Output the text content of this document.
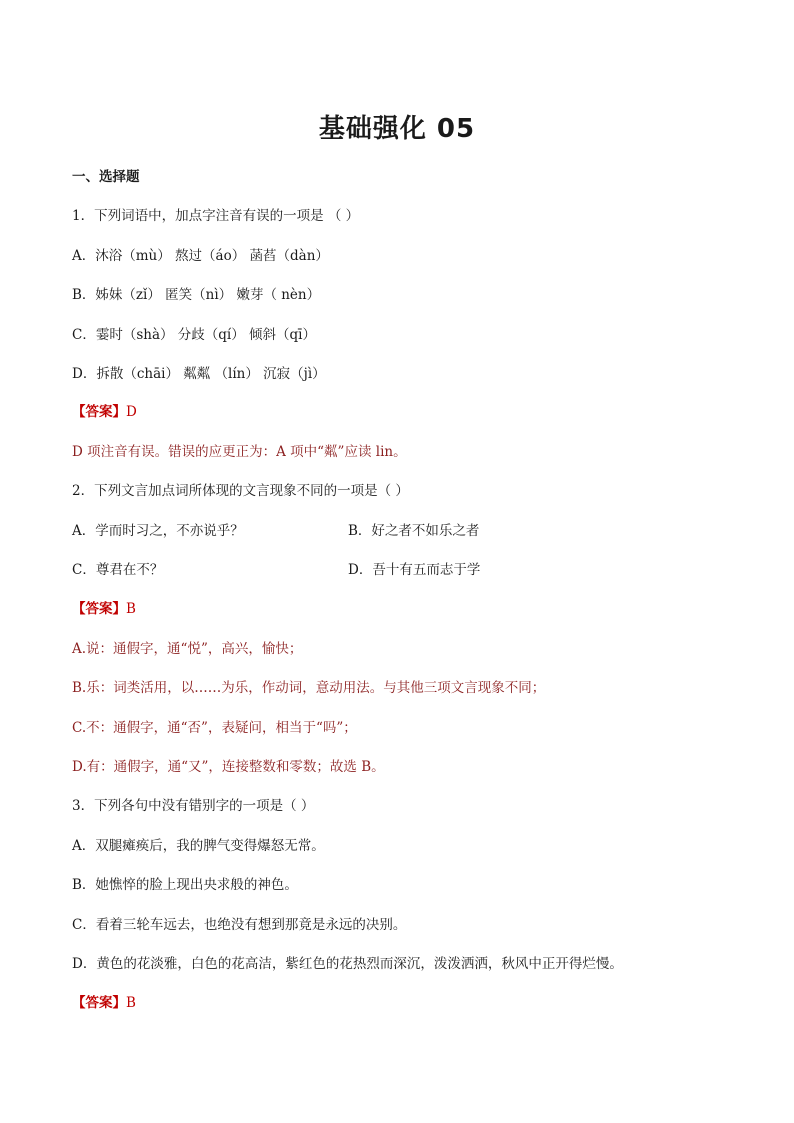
基础强化 05
一、选择题
1．下列词语中，加点字注音有误的一项是 （ ）
A．沐浴（mù） 熬过（áo） 菡萏（dàn）
B．姊妹（zǐ） 匿笑（nì） 嫩芽（ nèn）
C．霎时（shà） 分歧（qí） 倾斜（qī）
D．拆散（chāi） 粼粼 （lín） 沉寂（jì）
【答案】D
D 项注音有误。错误的应更正为：A 项中“粼”应读 lin。
2．下列文言加点词所体现的文言现象不同的一项是（ ）
A．学而时习之，不亦说乎？	B．好之者不如乐之者
C．尊君在不？	D．吾十有五而志于学
【答案】B
A.说：通假字，通“悦”，高兴，愉快；
B.乐：词类活用，以……为乐，作动词，意动用法。与其他三项文言现象不同；
C.不：通假字，通“否”，表疑问，相当于“吗”；
D.有：通假字，通“又”，连接整数和零数；故选 B。
3．下列各句中没有错别字的一项是（ ）
A．双腿瘫痪后，我的脾气变得爆怒无常。
B．她憔悴的脸上现出央求般的神色。
C．看着三轮车远去，也绝没有想到那竟是永远的决别。
D．黄色的花淡雅，白色的花高洁，紫红色的花热烈而深沉，泼泼洒洒，秋风中正开得烂慢。
【答案】B
